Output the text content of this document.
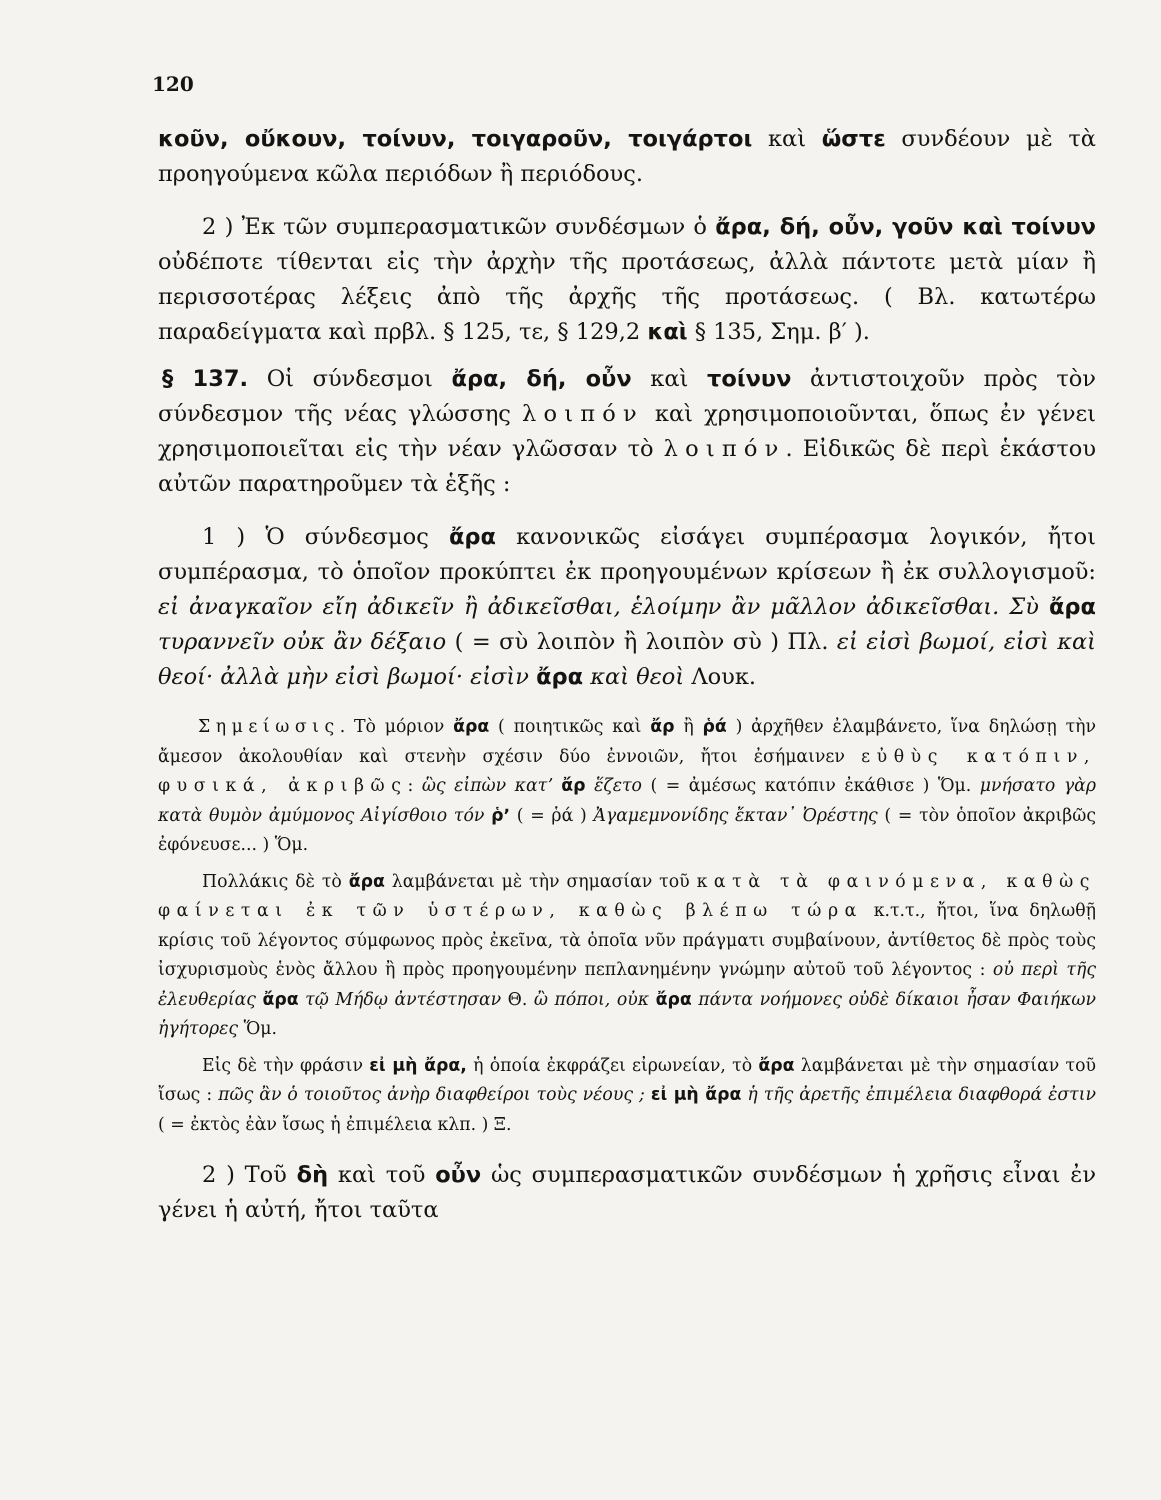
120

κοῦν, οὔκουν, τοίνυν, τοιγαροῦν, τοιγάρτοι καὶ ὥστε συνδέουν μὲ τὰ προηγούμενα κῶλα περιόδων ἢ περιόδους.

2 ) Ἐκ τῶν συμπερασματικῶν συνδέσμων ὁ ἄρα, δή, οὖν, γοῦν καὶ τοίνυν οὐδέποτε τίθενται εἰς τὴν ἀρχὴν τῆς προτάσεως, ἀλλὰ πάντοτε μετὰ μίαν ἢ περισσοτέρας λέξεις ἀπὸ τῆς ἀρχῆς τῆς προτάσεως. ( Βλ. κατωτέρω παραδείγματα καὶ πρβλ. § 125, τε, § 129,2 καὶ § 135, Σημ. β′ ).

§ 137. Οἱ σύνδεσμοι ἄρα, δή, οὖν καὶ τοίνυν ἀντιστοιχοῦν πρὸς τὸν σύνδεσμον τῆς νέας γλώσσης λοιπόν καὶ χρησιμοποιοῦνται, ὅπως ἐν γένει χρησιμοποιεῖται εἰς τὴν νέαν γλῶσσαν τὸ λοιπόν. Εἰδικῶς δὲ περὶ ἑκάστου αὐτῶν παρατηροῦμεν τὰ ἑξῆς :

1 ) Ὁ σύνδεσμος ἄρα κανονικῶς εἰσάγει συμπέρασμα λογικόν, ἤτοι συμπέρασμα, τὸ ὁποῖον προκύπτει ἐκ προηγουμένων κρίσεων ἢ ἐκ συλλογισμοῦ: εἰ ἀναγκαῖον εἴη ἀδικεῖν ἢ ἀδικεῖσθαι, ἑλοίμην ἂν μᾶλλον ἀδικεῖσθαι. Σὺ ἄρα τυραννεῖν οὐκ ἂν δέξαιο ( = σὺ λοιπὸν ἢ λοιπὸν σὺ ) Πλ. εἰ εἰσὶ βωμοί, εἰσὶ καὶ θεοί· ἀλλὰ μὴν εἰσὶ βωμοί· εἰσὶν ἄρα καὶ θεοὶ Λουκ.

Σημείωσις. Τὸ μόριον ἄρα ( ποιητικῶς καὶ ἄρ ἢ ῥά ) ἀρχῆθεν ἐλαμβάνετο, ἵνα δηλώσῃ τὴν ἄμεσον ἀκολουθίαν καὶ στενὴν σχέσιν δύο ἐννοιῶν, ἤτοι ἐσήμαινεν εὐθὺς κατόπιν, φυσικά, ἀκριβῶς: ὣς εἰπὼν κατʼ ἄρ ἕζετο ( = ἀμέσως κατόπιν ἐκάθισε ) Ὅμ. μνήσατο γὰρ κατὰ θυμὸν ἀμύμονος Αἰγίσθοιο τόν ῥʼ ( = ῥά ) Ἀγαμεμνονίδης ἔκταν᾿ Ὀρέστης ( = τὸν ὁποῖον ἀκριβῶς ἐφόνευσε... ) Ὅμ.

Πολλάκις δὲ τὸ ἄρα λαμβάνεται μὲ τὴν σημασίαν τοῦ κατὰ τὰ φαινόμενα, καθὼς φαίνεται ἐκ τῶν ὑστέρων, καθὼς βλέπω τώρα κ.τ.τ., ἤτοι, ἵνα δηλωθῇ κρίσις τοῦ λέγοντος σύμφωνος πρὸς ἐκεῖνα, τὰ ὁποῖα νῦν πράγματι συμβαίνουν, ἀντίθετος δὲ πρὸς τοὺς ἰσχυρισμοὺς ἑνὸς ἄλλου ἢ πρὸς προηγουμένην πεπλανημένην γνώμην αὐτοῦ τοῦ λέγοντος : οὐ περὶ τῆς ἐλευθερίας ἄρα τῷ Μήδῳ ἀντέστησαν Θ. ὢ πόποι, οὐκ ἄρα πάντα νοήμονες οὐδὲ δίκαιοι ἦσαν Φαιήκων ἡγήτορες Ὅμ.

Εἰς δὲ τὴν φράσιν εἰ μὴ ἄρα, ἡ ὁποία ἐκφράζει εἰρωνείαν, τὸ ἄρα λαμβάνεται μὲ τὴν σημασίαν τοῦ ἴσως : πῶς ἂν ὁ τοιοῦτος ἀνὴρ διαφθείροι τοὺς νέους ; εἰ μὴ ἄρα ἡ τῆς ἀρετῆς ἐπιμέλεια διαφθορά ἐστιν ( = ἐκτὸς ἐὰν ἴσως ἡ ἐπιμέλεια κλπ. ) Ξ.

2 ) Τοῦ δὴ καὶ τοῦ οὖν ὡς συμπερασματικῶν συνδέσμων ἡ χρῆσις εἶναι ἐν γένει ἡ αὐτή, ἤτοι ταῦτα
